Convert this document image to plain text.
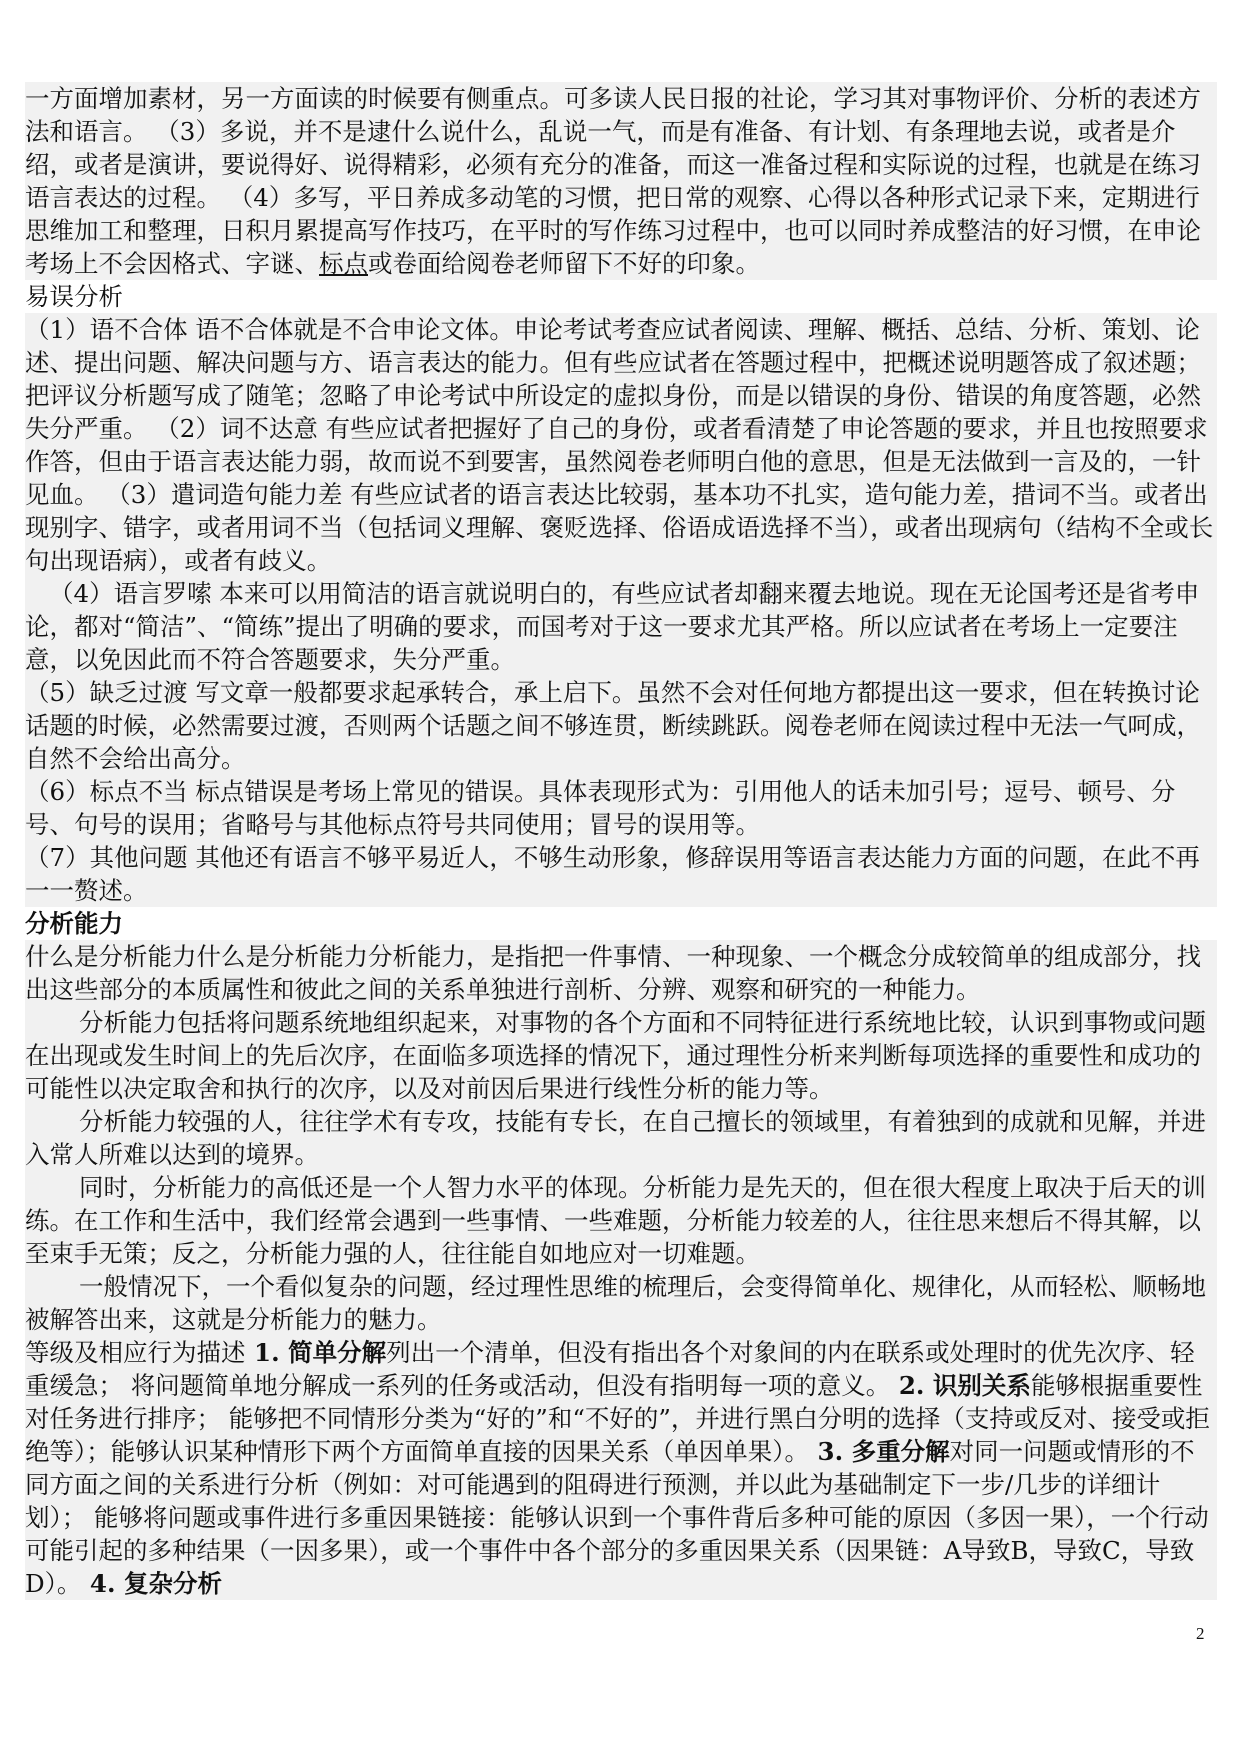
一方面增加素材，另一方面读的时候要有侧重点。可多读人民日报的社论，学习其对事物评价、分析的表述方法和语言。 （3）多说，并不是逮什么说什么，乱说一气，而是有准备、有计划、有条理地去说，或者是介绍，或者是演讲，要说得好、说得精彩，必须有充分的准备，而这一准备过程和实际说的过程，也就是在练习语言表达的过程。 （4）多写，平日养成多动笔的习惯，把日常的观察、心得以各种形式记录下来，定期进行思维加工和整理，日积月累提高写作技巧，在平时的写作练习过程中，也可以同时养成整洁的好习惯，在申论考场上不会因格式、字谜、标点或卷面给阅卷老师留下不好的印象。
易误分析

（1）语不合体 语不合体就是不合申论文体。申论考试考查应试者阅读、理解、概括、总结、分析、策划、论述、提出问题、解决问题与方、语言表达的能力。但有些应试者在答题过程中，把概述说明题答成了叙述题；把评议分析题写成了随笔；忽略了申论考试中所设定的虚拟身份，而是以错误的身份、错误的角度答题，必然失分严重。 （2）词不达意 有些应试者把握好了自己的身份，或者看清楚了申论答题的要求，并且也按照要求作答，但由于语言表达能力弱，故而说不到要害，虽然阅卷老师明白他的意思，但是无法做到一言及的，一针见血。 （3）遣词造句能力差 有些应试者的语言表达比较弱，基本功不扎实，造句能力差，措词不当。或者出现别字、错字，或者用词不当（包括词义理解、褒贬选择、俗语成语选择不当），或者出现病句（结构不全或长句出现语病），或者有歧义。

（4）语言罗嗦 本来可以用简洁的语言就说明白的，有些应试者却翻来覆去地说。现在无论国考还是省考申论，都对“简洁”、“简练”提出了明确的要求，而国考对于这一要求尤其严格。所以应试者在考场上一定要注意，以免因此而不符合答题要求，失分严重。

（5）缺乏过渡 写文章一般都要求起承转合，承上启下。虽然不会对任何地方都提出这一要求，但在转换讨论话题的时候，必然需要过渡，否则两个话题之间不够连贯，断续跳跃。阅卷老师在阅读过程中无法一气呵成，自然不会给出高分。

（6）标点不当 标点错误是考场上常见的错误。具体表现形式为：引用他人的话未加引号；逗号、顿号、分号、句号的误用；省略号与其他标点符号共同使用；冒号的误用等。

（7）其他问题 其他还有语言不够平易近人，不够生动形象，修辞误用等语言表达能力方面的问题，在此不再一一赘述。

分析能力

什么是分析能力什么是分析能力分析能力，是指把一件事情、一种现象、一个概念分成较简单的组成部分，找出这些部分的本质属性和彼此之间的关系单独进行剖析、分辨、观察和研究的一种能力。

分析能力包括将问题系统地组织起来，对事物的各个方面和不同特征进行系统地比较，认识到事物或问题在出现或发生时间上的先后次序，在面临多项选择的情况下，通过理性分析来判断每项选择的重要性和成功的可能性以决定取舍和执行的次序，以及对前因后果进行线性分析的能力等。

分析能力较强的人，往往学术有专攻，技能有专长，在自己擅长的领域里，有着独到的成就和见解，并进入常人所难以达到的境界。

同时，分析能力的高低还是一个人智力水平的体现。分析能力是先天的，但在很大程度上取决于后天的训练。在工作和生活中，我们经常会遇到一些事情、一些难题，分析能力较差的人，往往思来想后不得其解，以至束手无策；反之，分析能力强的人，往往能自如地应对一切难题。

一般情况下，一个看似复杂的问题，经过理性思维的梳理后，会变得简单化、规律化，从而轻松、顺畅地被解答出来，这就是分析能力的魅力。

等级及相应行为描述 1. 简单分解列出一个清单，但没有指出各个对象间的内在联系或处理时的优先次序、轻重缓急； 将问题简单地分解成一系列的任务或活动，但没有指明每一项的意义。 2. 识别关系能够根据重要性对任务进行排序； 能够把不同情形分类为“好的”和“不好的”，并进行黑白分明的选择（支持或反对、接受或拒绝等）；能够认识某种情形下两个方面简单直接的因果关系（单因单果）。 3. 多重分解对同一问题或情形的不同方面之间的关系进行分析（例如：对可能遇到的阻碍进行预测，并以此为基础制定下一步/几步的详细计划）； 能够将问题或事件进行多重因果链接：能够认识到一个事件背后多种可能的原因（多因一果），一个行动可能引起的多种结果（一因多果），或一个事件中各个部分的多重因果关系（因果链：A导致B，导致C，导致D）。 4. 复杂分析

2
